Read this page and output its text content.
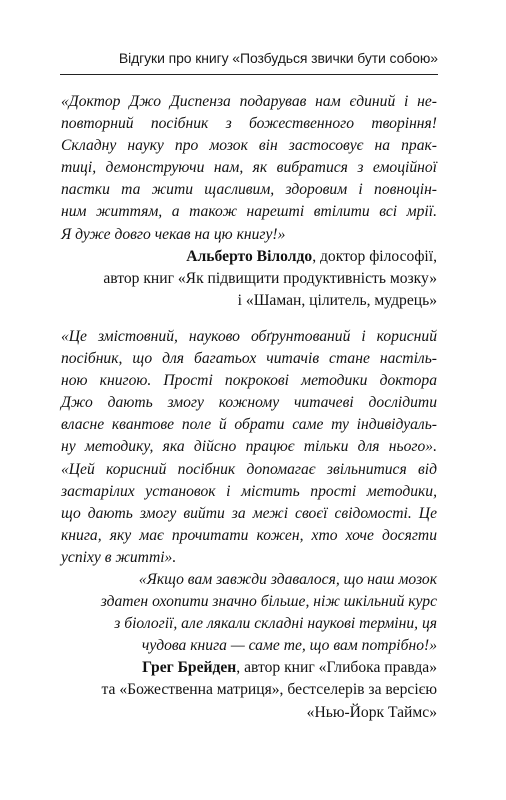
Відгуки про книгу «Позбудься звички бути собою»
«Доктор Джо Диспенза подарував нам єдиний і не-
повторний посібник з божественного творіння!
Складну науку про мозок він застосовує на прак-
тиці, демонструючи нам, як вибратися з емоційної
пастки та жити щасливим, здоровим і повноцін-
ним життям, а також нарешті втілити всі мрії.
Я дуже довго чекав на цю книгу!»
Альберто Вілолдо, доктор філософії,
автор книг «Як підвищити продуктивність мозку»
і «Шаман, цілитель, мудрець»
«Це змістовний, науково обґрунтований і корисний
посібник, що для багатьох читачів стане настіль-
ною книгою. Прості покрокові методики доктора
Джо дають змогу кожному читачеві дослідити
власне квантове поле й обрати саме ту індивідуаль-
ну методику, яка дійсно працює тільки для нього».
«Цей корисний посібник допомагає звільнитися від
застарілих установок і містить прості методики,
що дають змогу вийти за межі своєї свідомості. Це
книга, яку має прочитати кожен, хто хоче досягти
успіху в житті».
«Якщо вам завжди здавалося, що наш мозок
здатен охопити значно більше, ніж шкільний курс
з біології, але лякали складні наукові терміни, ця
чудова книга — саме те, що вам потрібно!»
Грег Брейден, автор книг «Глибока правда»
та «Божественна матриця», бестселерів за версією
«Нью-Йорк Таймс»
